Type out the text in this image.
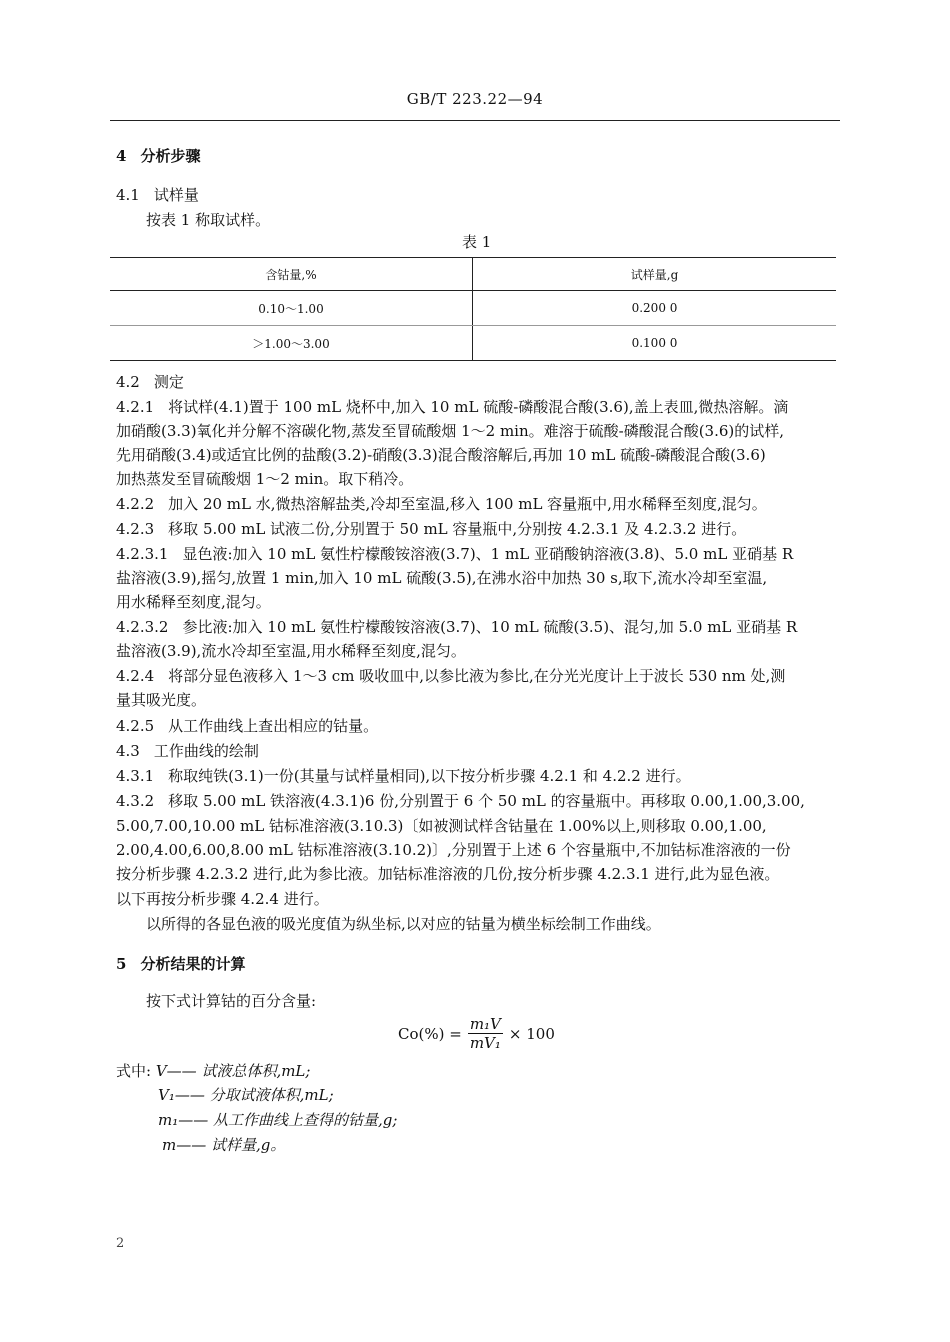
GB/T 223.22—94
4 分析步骤
4.1 试样量
按表 1 称取试样。
表 1
含钴量,%	试样量,g
0.10～1.00	0.200 0
＞1.00～3.00	0.100 0
4.2 测定
4.2.1 将试样(4.1)置于 100 mL 烧杯中,加入 10 mL 硫酸-磷酸混合酸(3.6),盖上表皿,微热溶解。滴
加硝酸(3.3)氧化并分解不溶碳化物,蒸发至冒硫酸烟 1～2 min。难溶于硫酸-磷酸混合酸(3.6)的试样,
先用硝酸(3.4)或适宜比例的盐酸(3.2)-硝酸(3.3)混合酸溶解后,再加 10 mL 硫酸-磷酸混合酸(3.6)
加热蒸发至冒硫酸烟 1～2 min。取下稍冷。
4.2.2 加入 20 mL 水,微热溶解盐类,冷却至室温,移入 100 mL 容量瓶中,用水稀释至刻度,混匀。
4.2.3 移取 5.00 mL 试液二份,分别置于 50 mL 容量瓶中,分别按 4.2.3.1 及 4.2.3.2 进行。
4.2.3.1 显色液:加入 10 mL 氨性柠檬酸铵溶液(3.7)、1 mL 亚硝酸钠溶液(3.8)、5.0 mL 亚硝基 R
盐溶液(3.9),摇匀,放置 1 min,加入 10 mL 硫酸(3.5),在沸水浴中加热 30 s,取下,流水冷却至室温,
用水稀释至刻度,混匀。
4.2.3.2 参比液:加入 10 mL 氨性柠檬酸铵溶液(3.7)、10 mL 硫酸(3.5)、混匀,加 5.0 mL 亚硝基 R
盐溶液(3.9),流水冷却至室温,用水稀释至刻度,混匀。
4.2.4 将部分显色液移入 1～3 cm 吸收皿中,以参比液为参比,在分光光度计上于波长 530 nm 处,测
量其吸光度。
4.2.5 从工作曲线上查出相应的钴量。
4.3 工作曲线的绘制
4.3.1 称取纯铁(3.1)一份(其量与试样量相同),以下按分析步骤 4.2.1 和 4.2.2 进行。
4.3.2 移取 5.00 mL 铁溶液(4.3.1)6 份,分别置于 6 个 50 mL 的容量瓶中。再移取 0.00,1.00,3.00,
5.00,7.00,10.00 mL 钴标准溶液(3.10.3)〔如被测试样含钴量在 1.00%以上,则移取 0.00,1.00,
2.00,4.00,6.00,8.00 mL 钴标准溶液(3.10.2)〕,分别置于上述 6 个容量瓶中,不加钴标准溶液的一份
按分析步骤 4.2.3.2 进行,此为参比液。加钴标准溶液的几份,按分析步骤 4.2.3.1 进行,此为显色液。
以下再按分析步骤 4.2.4 进行。
以所得的各显色液的吸光度值为纵坐标,以对应的钴量为横坐标绘制工作曲线。
5 分析结果的计算
按下式计算钴的百分含量:
$Co(\%) = \frac{\text{m₁V}}{\text{mV₁}} \times 100$
式中: V—— 试液总体积,mL;
V₁—— 分取试液体积,mL;
m₁—— 从工作曲线上查得的钴量,g;
m—— 试样量,g。
2
